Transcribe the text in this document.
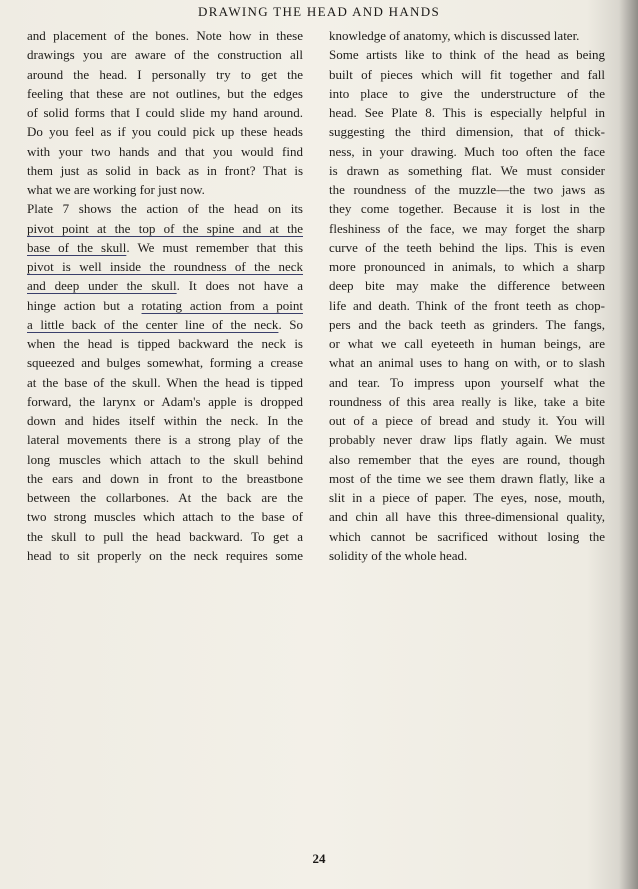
DRAWING THE HEAD AND HANDS
and placement of the bones. Note how in these
drawings you are aware of the construction all
around the head. I personally try to get the
feeling that these are not outlines, but the edges
of solid forms that I could slide my hand around.
Do you feel as if you could pick up these heads
with your two hands and that you would find
them just as solid in back as in front? That is
what we are working for just now.
Plate 7 shows the action of the head on its
pivot point at the top of the spine and at the
base of the skull. We must remember that this
pivot is well inside the roundness of the neck
and deep under the skull. It does not have a
hinge action but a rotating action from a point
a little back of the center line of the neck. So
when the head is tipped backward the neck is
squeezed and bulges somewhat, forming a crease
at the base of the skull. When the head is tipped
forward, the larynx or Adam's apple is dropped
down and hides itself within the neck. In the
lateral movements there is a strong play of the
long muscles which attach to the skull behind
the ears and down in front to the breastbone
between the collarbones. At the back are the
two strong muscles which attach to the base of
the skull to pull the head backward. To get a
head to sit properly on the neck requires some
knowledge of anatomy, which is discussed later.
Some artists like to think of the head as being
built of pieces which will fit together and fall
into place to give the understructure of the
head. See Plate 8. This is especially helpful in
suggesting the third dimension, that of thick-
ness, in your drawing. Much too often the face
is drawn as something flat. We must consider
the roundness of the muzzle—the two jaws as
they come together. Because it is lost in the
fleshiness of the face, we may forget the sharp
curve of the teeth behind the lips. This is even
more pronounced in animals, to which a sharp
deep bite may make the difference between
life and death. Think of the front teeth as chop-
pers and the back teeth as grinders. The fangs,
or what we call eyeteeth in human beings, are
what an animal uses to hang on with, or to slash
and tear. To impress upon yourself what the
roundness of this area really is like, take a bite
out of a piece of bread and study it. You will
probably never draw lips flatly again. We must
also remember that the eyes are round, though
most of the time we see them drawn flatly, like a
slit in a piece of paper. The eyes, nose, mouth,
and chin all have this three-dimensional quality,
which cannot be sacrificed without losing the
solidity of the whole head.
24
